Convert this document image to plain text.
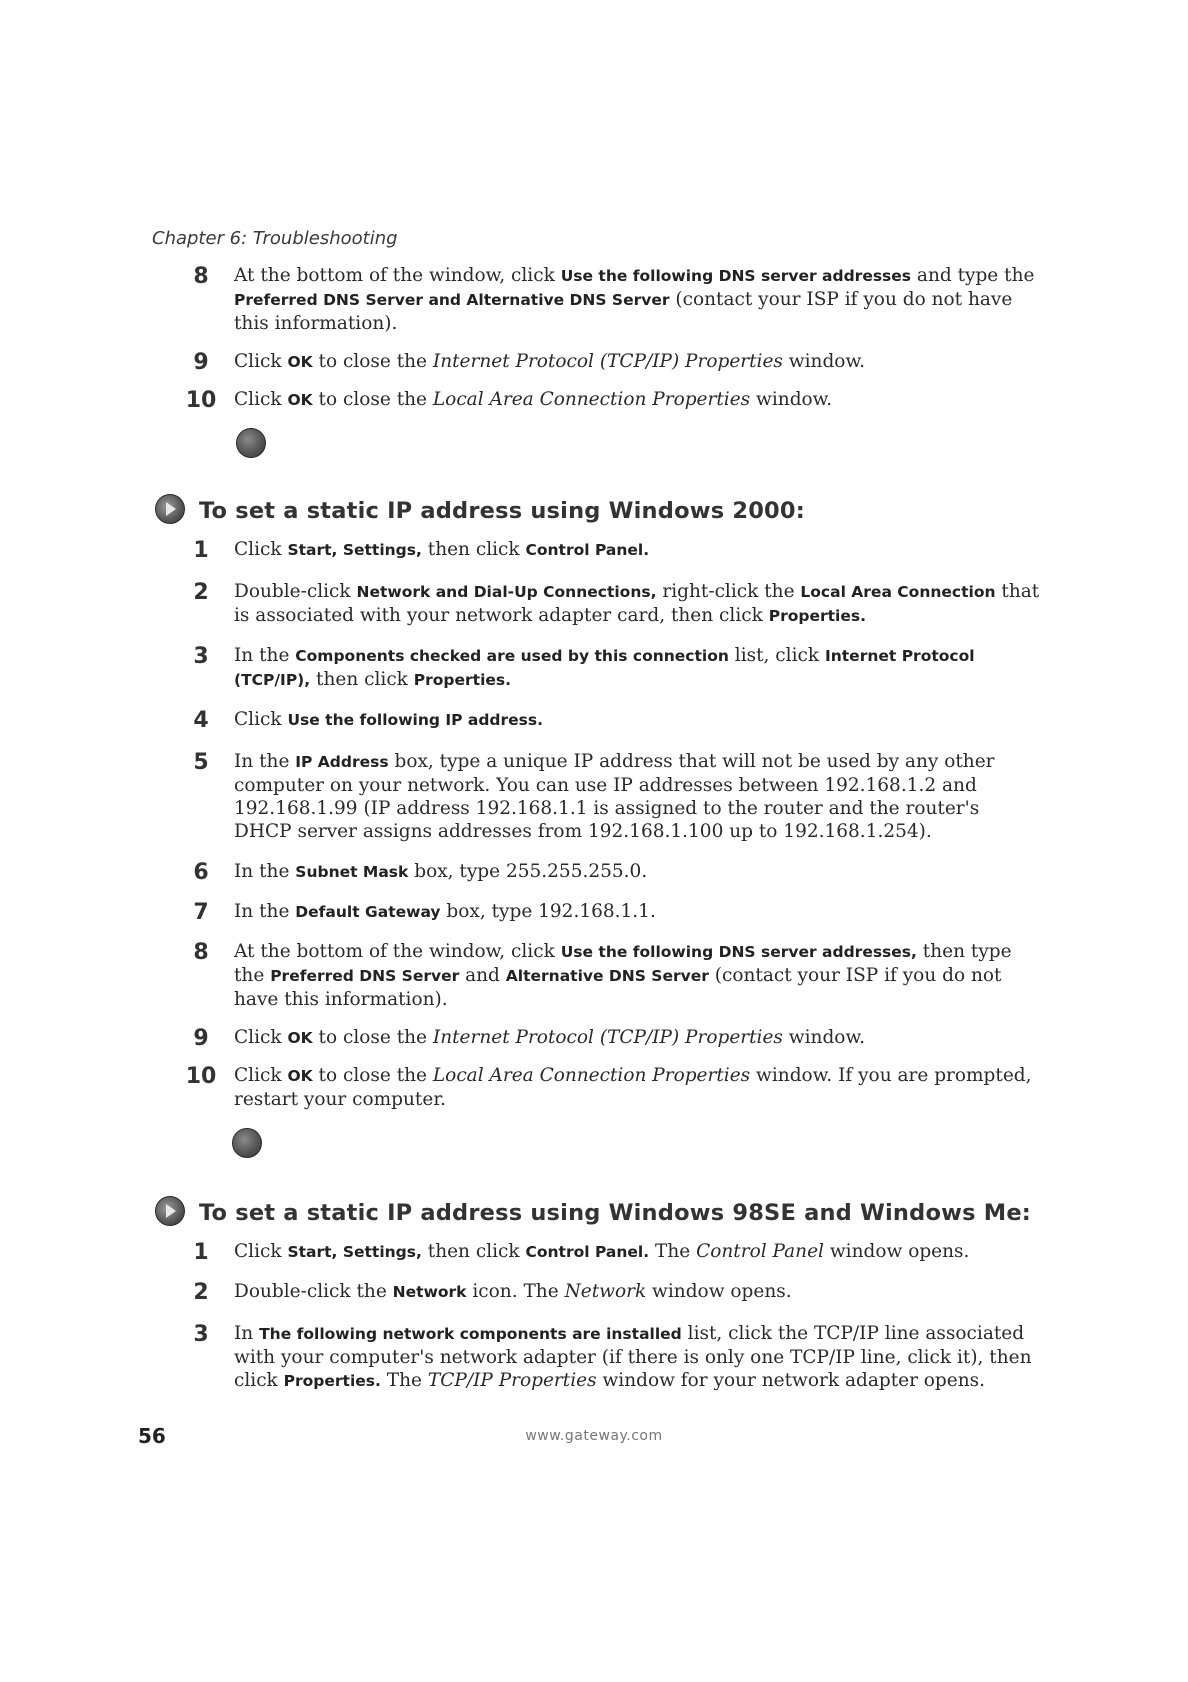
Chapter 6: Troubleshooting
8	At the bottom of the window, click Use the following DNS server addresses and type the Preferred DNS Server and Alternative DNS Server (contact your ISP if you do not have this information).
9	Click OK to close the Internet Protocol (TCP/IP) Properties window.
10 Click OK to close the Local Area Connection Properties window.
To set a static IP address using Windows 2000:
1	Click Start, Settings, then click Control Panel.
2	Double-click Network and Dial-Up Connections, right-click the Local Area Connection that is associated with your network adapter card, then click Properties.
3	In the Components checked are used by this connection list, click Internet Protocol (TCP/IP), then click Properties.
4	Click Use the following IP address.
5	In the IP Address box, type a unique IP address that will not be used by any other computer on your network. You can use IP addresses between 192.168.1.2 and 192.168.1.99 (IP address 192.168.1.1 is assigned to the router and the router's DHCP server assigns addresses from 192.168.1.100 up to 192.168.1.254).
6	In the Subnet Mask box, type 255.255.255.0.
7	In the Default Gateway box, type 192.168.1.1.
8	At the bottom of the window, click Use the following DNS server addresses, then type the Preferred DNS Server and Alternative DNS Server (contact your ISP if you do not have this information).
9	Click OK to close the Internet Protocol (TCP/IP) Properties window.
10 Click OK to close the Local Area Connection Properties window. If you are prompted, restart your computer.
To set a static IP address using Windows 98SE and Windows Me:
1	Click Start, Settings, then click Control Panel. The Control Panel window opens.
2	Double-click the Network icon. The Network window opens.
3	In The following network components are installed list, click the TCP/IP line associated with your computer's network adapter (if there is only one TCP/IP line, click it), then click Properties. The TCP/IP Properties window for your network adapter opens.
56	www.gateway.com
